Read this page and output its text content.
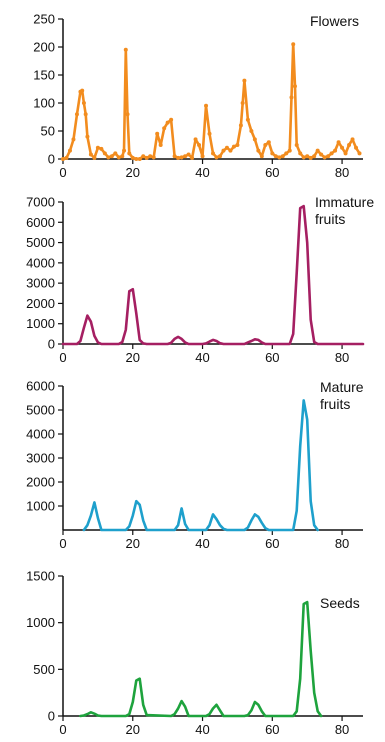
0
50
100
150
200
250
0	20	40	60	80
Flowers
0
1000
2000
3000
4000
5000
6000
7000
0	20	40	60	80
Immature fruits
1000
2000
3000
4000
5000
6000
0	20	40	60	80
Mature fruits
0
500
1000
1500
0	20	40	60	80
Seeds
